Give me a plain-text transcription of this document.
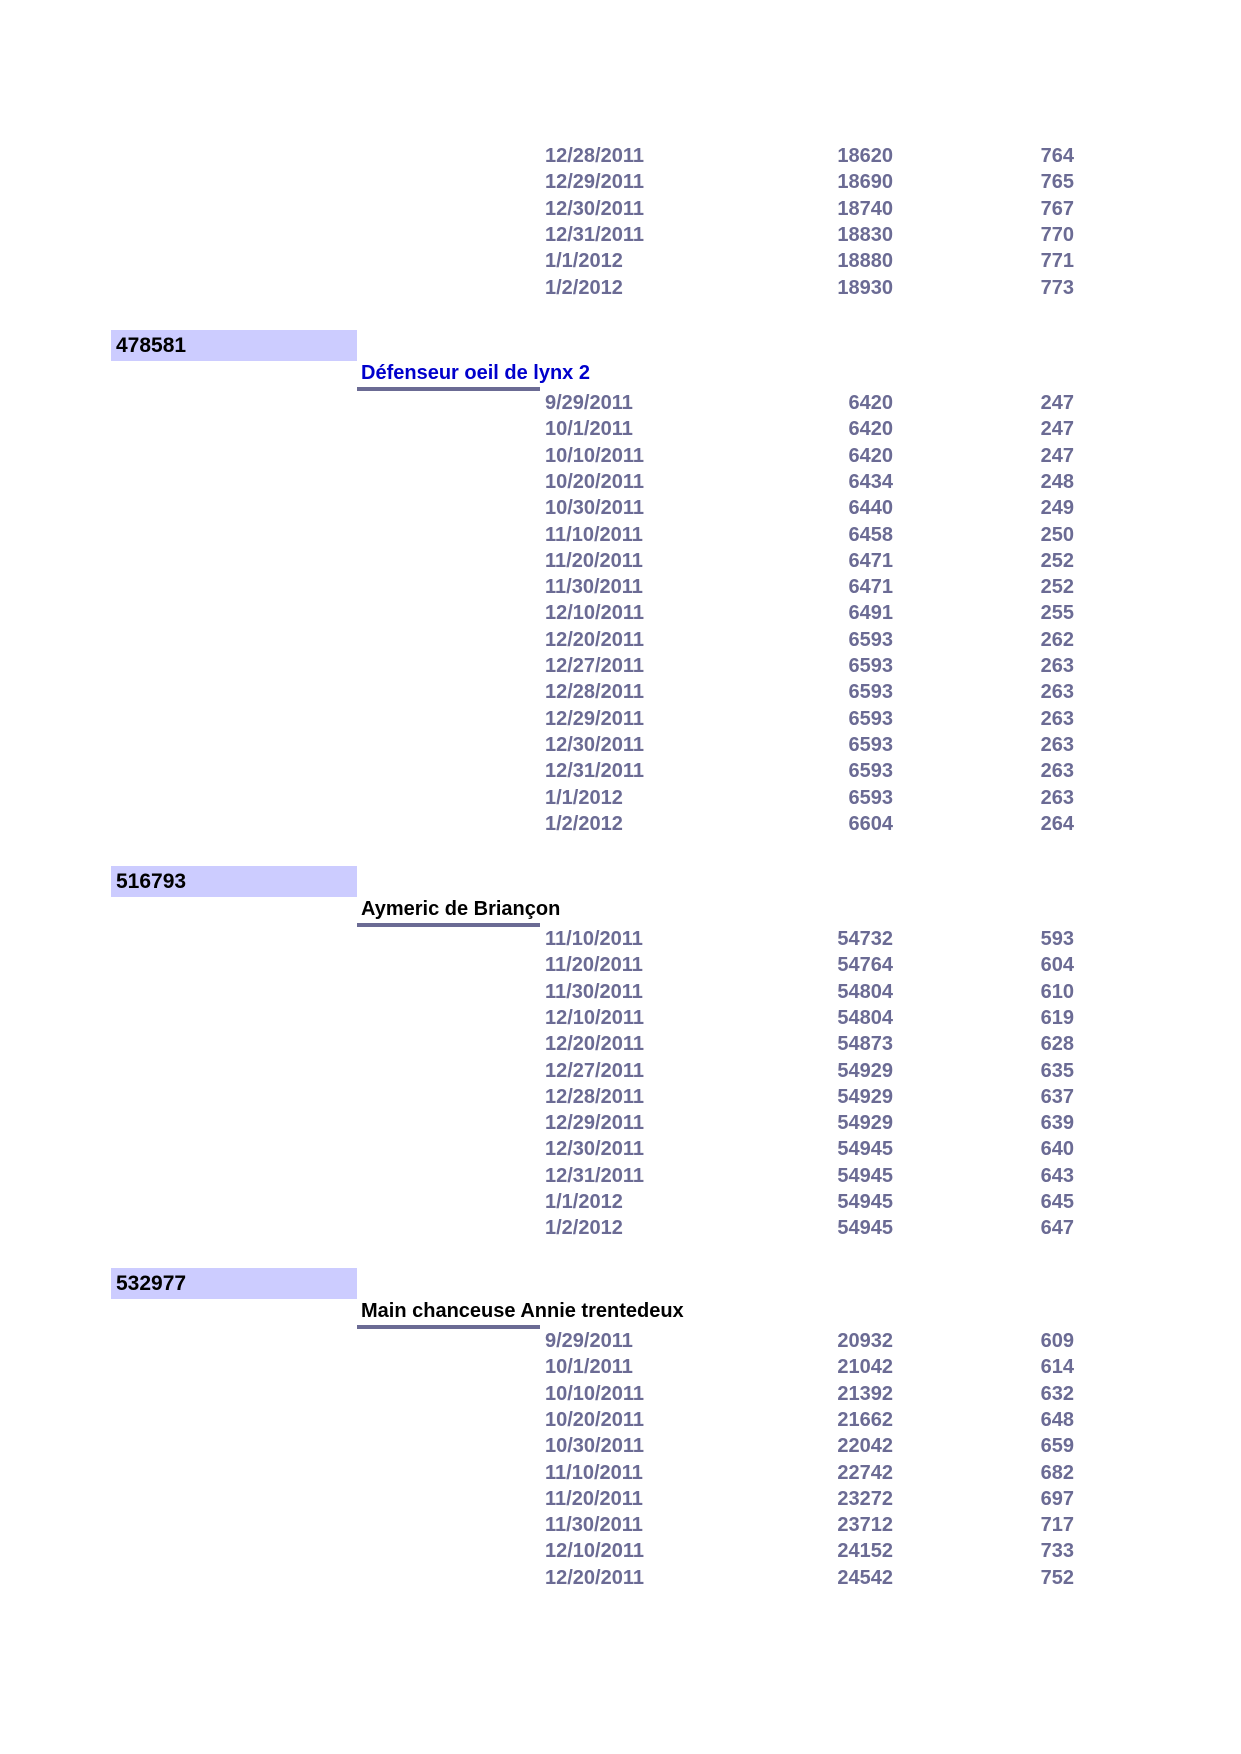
12/28/2011	18620	764
12/29/2011	18690	765
12/30/2011	18740	767
12/31/2011	18830	770
1/1/2012	18880	771
1/2/2012	18930	773
478581
Défenseur oeil de lynx 2
9/29/2011	6420	247
10/1/2011	6420	247
10/10/2011	6420	247
10/20/2011	6434	248
10/30/2011	6440	249
11/10/2011	6458	250
11/20/2011	6471	252
11/30/2011	6471	252
12/10/2011	6491	255
12/20/2011	6593	262
12/27/2011	6593	263
12/28/2011	6593	263
12/29/2011	6593	263
12/30/2011	6593	263
12/31/2011	6593	263
1/1/2012	6593	263
1/2/2012	6604	264
516793
Aymeric de Briançon
11/10/2011	54732	593
11/20/2011	54764	604
11/30/2011	54804	610
12/10/2011	54804	619
12/20/2011	54873	628
12/27/2011	54929	635
12/28/2011	54929	637
12/29/2011	54929	639
12/30/2011	54945	640
12/31/2011	54945	643
1/1/2012	54945	645
1/2/2012	54945	647
532977
Main chanceuse Annie trentedeux
9/29/2011	20932	609
10/1/2011	21042	614
10/10/2011	21392	632
10/20/2011	21662	648
10/30/2011	22042	659
11/10/2011	22742	682
11/20/2011	23272	697
11/30/2011	23712	717
12/10/2011	24152	733
12/20/2011	24542	752
